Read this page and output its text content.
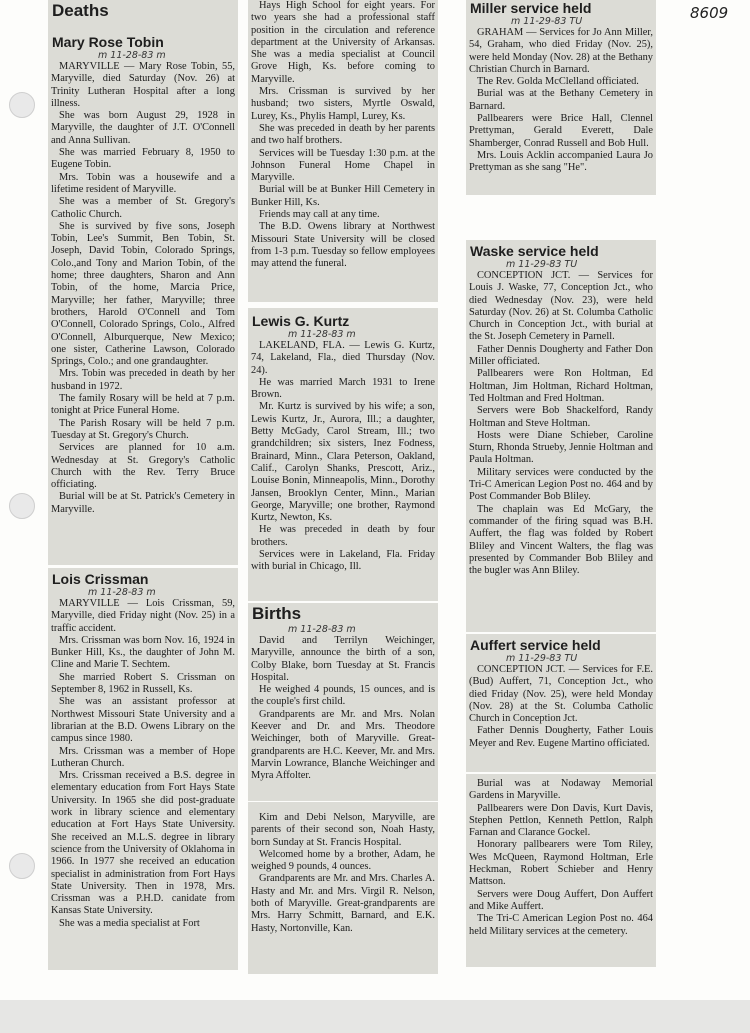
8609
Deaths
Mary Rose Tobin
m 11-28-83 m

MARYVILLE — Mary Rose Tobin, 55, Maryville, died Saturday (Nov. 26) at Trinity Lutheran Hospital after a long illness.

She was born August 29, 1928 in Maryville, the daughter of J.T. O'Connell and Anna Sullivan.

She was married February 8, 1950 to Eugene Tobin.

Mrs. Tobin was a housewife and a lifetime resident of Maryville.

She was a member of St. Gregory's Catholic Church.

She is survived by five sons, Joseph Tobin, Lee's Summit, Ben Tobin, St. Joseph, David Tobin, Colorado Springs, Colo.,and Tony and Marion Tobin, of the home; three daughters, Sharon and Ann Tobin, of the home, Marcia Price, Maryville; her father, Maryville; three brothers, Harold O'Connell and Tom O'Connell, Colorado Springs, Colo., Alfred O'Connell, Alburquerque, New Mexico; one sister, Catherine Lawson, Colorado Springs, Colo.; and one grandaughter.

Mrs. Tobin was preceded in death by her husband in 1972.

The family Rosary will be held at 7 p.m. tonight at Price Funeral Home.

The Parish Rosary will be held 7 p.m. Tuesday at St. Gregory's Church.

Services are planned for 10 a.m. Wednesday at St. Gregory's Catholic Church with the Rev. Terry Bruce officiating.

Burial will be at St. Patrick's Cemetery in Maryville.

Lois Crissman
m 11-28-83 m

MARYVILLE — Lois Crissman, 59, Maryville, died Friday night (Nov. 25) in a traffic accident.

Mrs. Crissman was born Nov. 16, 1924 in Bunker Hill, Ks., the daughter of John M. Cline and Marie T. Sechtem.

She married Robert S. Crissman on September 8, 1962 in Russell, Ks.

She was an assistant professor at Northwest Missouri State University and a librarian at the B.D. Owens Library on the campus since 1980.

Mrs. Crissman was a member of Hope Lutheran Church.

Mrs. Crissman received a B.S. degree in elementary education from Fort Hays State University. In 1965 she did post-graduate work in library science and elementary education at Fort Hays State University. She received an M.L.S. degree in library science from the University of Oklahoma in 1966. In 1977 she received an education specialist in administration from Fort Hays State University. Then in 1978, Mrs. Crissman was a P.H.D. canidate from Kansas State University.

She was a media specialist at Fort

Hays High School for eight years. For two years she had a professional staff position in the circulation and reference department at the University of Arkansas. She was a media specialist at Council Grove High, Ks. before coming to Maryville.

Mrs. Crissman is survived by her husband; two sisters, Myrtle Oswald, Lurey, Ks., Phylis Hampl, Lurey, Ks.

She was preceded in death by her parents and two half brothers.

Services will be Tuesday 1:30 p.m. at the Johnson Funeral Home Chapel in Maryville.

Burial will be at Bunker Hill Cemetery in Bunker Hill, Ks.

Friends may call at any time.

The B.D. Owens library at Northwest Missouri State University will be closed from 1-3 p.m. Tuesday so fellow employees may attend the funeral.

Lewis G. Kurtz
m 11-28-83 m

LAKELAND, FLA. — Lewis G. Kurtz, 74, Lakeland, Fla., died Thursday (Nov. 24).

He was married March 1931 to Irene Brown.

Mr. Kurtz is survived by his wife; a son, Lewis Kurtz, Jr., Aurora, Ill.; a daughter, Betty McGady, Carol Stream, Ill.; two grandchildren; six sisters, Inez Fodness, Brainard, Minn., Clara Peterson, Oakland, Calif., Carolyn Shanks, Prescott, Ariz., Louise Bonin, Minneapolis, Minn., Dorothy Jansen, Brooklyn Center, Minn., Marian George, Maryville; one brother, Raymond Kurtz, Newton, Ks.

He was preceded in death by four brothers.

Services were in Lakeland, Fla. Friday with burial in Chicago, Ill.

Births
m 11-28-83 m

David and Terrilyn Weichinger, Maryville, announce the birth of a son, Colby Blake, born Tuesday at St. Francis Hospital.

He weighed 4 pounds, 15 ounces, and is the couple's first child.

Grandparents are Mr. and Mrs. Nolan Keever and Dr. and Mrs. Theodore Weichinger, both of Maryville. Great-grandparents are H.C. Keever, Mr. and Mrs. Marvin Lowrance, Blanche Weichinger and Myra Affolter.

Kim and Debi Nelson, Maryville, are parents of their second son, Noah Hasty, born Sunday at St. Francis Hospital.

Welcomed home by a brother, Adam, he weighed 9 pounds, 4 ounces.

Grandparents are Mr. and Mrs. Charles A. Hasty and Mr. and Mrs. Virgil R. Nelson, both of Maryville. Great-grandparents are Mrs. Harry Schmitt, Barnard, and E.K. Hasty, Nortonville, Kan.

Miller service held
m 11-29-83 TU

GRAHAM — Services for Jo Ann Miller, 54, Graham, who died Friday (Nov. 25), were held Monday (Nov. 28) at the Bethany Christian Church in Barnard.

The Rev. Golda McClelland officiated.

Burial was at the Bethany Cemetery in Barnard.

Pallbearers were Brice Hall, Clennel Prettyman, Gerald Everett, Dale Shamberger, Conrad Russell and Bob Hull.

Mrs. Louis Acklin accompanied Laura Jo Prettyman as she sang "He".

Waske service held
m 11-29-83 TU

CONCEPTION JCT. — Services for Louis J. Waske, 77, Conception Jct., who died Wednesday (Nov. 23), were held Saturday (Nov. 26) at St. Columba Catholic Church in Conception Jct., with burial at the St. Joseph Cemetery in Parnell.

Father Dennis Dougherty and Father Don Miller officiated.

Pallbearers were Ron Holtman, Ed Holtman, Jim Holtman, Richard Holtman, Ted Holtman and Fred Holtman.

Servers were Bob Shackelford, Randy Holtman and Steve Holtman.

Hosts were Diane Schieber, Caroline Sturn, Rhonda Strueby, Jennie Holtman and Paula Holtman.

Military services were conducted by the Tri-C American Legion Post no. 464 and by Post Commander Bob Bliley.

The chaplain was Ed McGary, the commander of the firing squad was B.H. Auffert, the flag was folded by Robert Bliley and Vincent Walters, the flag was presented by Commander Bob Bliley and the bugler was Ann Bliley.

Auffert service held
m 11-29-83 TU

CONCEPTION JCT. — Services for F.E. (Bud) Auffert, 71, Conception Jct., who died Friday (Nov. 25), were held Monday (Nov. 28) at the St. Columba Catholic Church in Conception Jct.

Father Dennis Dougherty, Father Louis Meyer and Rev. Eugene Martino officiated.

Burial was at Nodaway Memorial Gardens in Maryville.

Pallbearers were Don Davis, Kurt Davis, Stephen Pettlon, Kenneth Pettlon, Ralph Farnan and Clarance Gockel.

Honorary pallbearers were Tom Riley, Wes McQueen, Raymond Holtman, Erle Heckman, Robert Schieber and Henry Mattson.

Servers were Doug Auffert, Don Auffert and Mike Auffert.

The Tri-C American Legion Post no. 464 held Military services at the cemetery.
